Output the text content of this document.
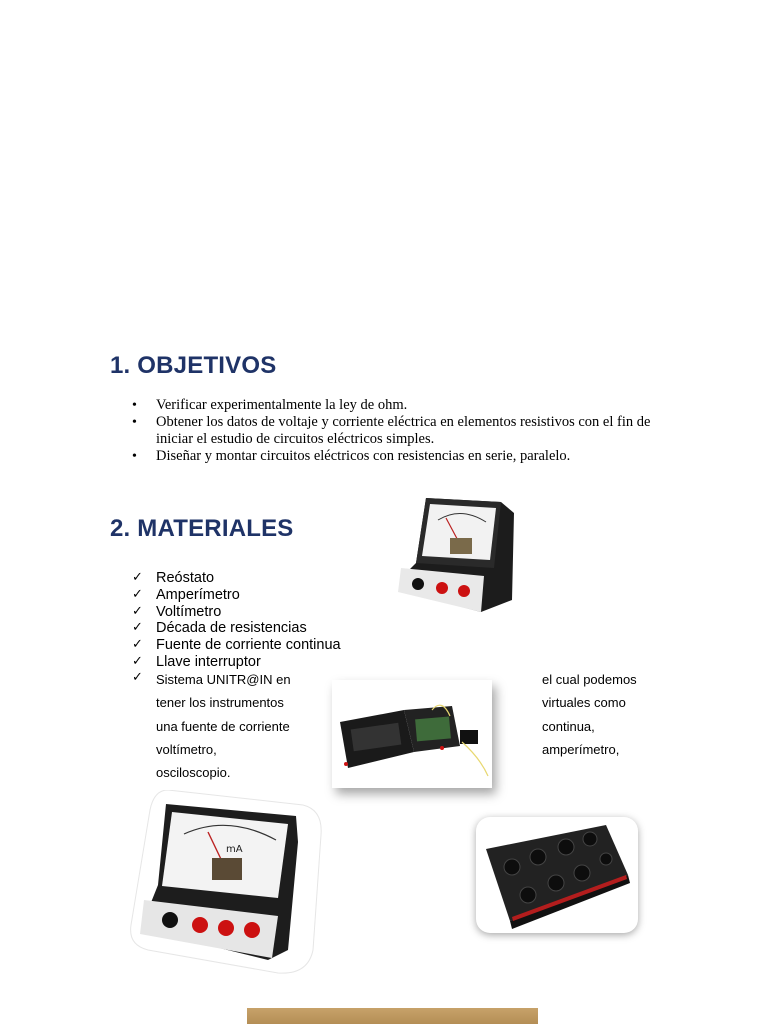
1. OBJETIVOS
• Verificar experimentalmente la ley de ohm.
• Obtener los datos de voltaje y corriente eléctrica en elementos resistivos con el fin de iniciar el estudio de circuitos eléctricos simples.
• Diseñar y montar circuitos eléctricos con resistencias en serie, paralelo.
2. MATERIALES
✓ Reóstato
✓ Amperímetro
✓ Voltímetro
✓ Década de resistencias
✓ Fuente de corriente continua
✓ Llave interruptor
✓ Sistema UNITR@IN en
tener los instrumentos
una fuente de corriente
voltímetro,
osciloscopio.
el cual podemos
virtuales como
continua,
amperímetro,
mA
